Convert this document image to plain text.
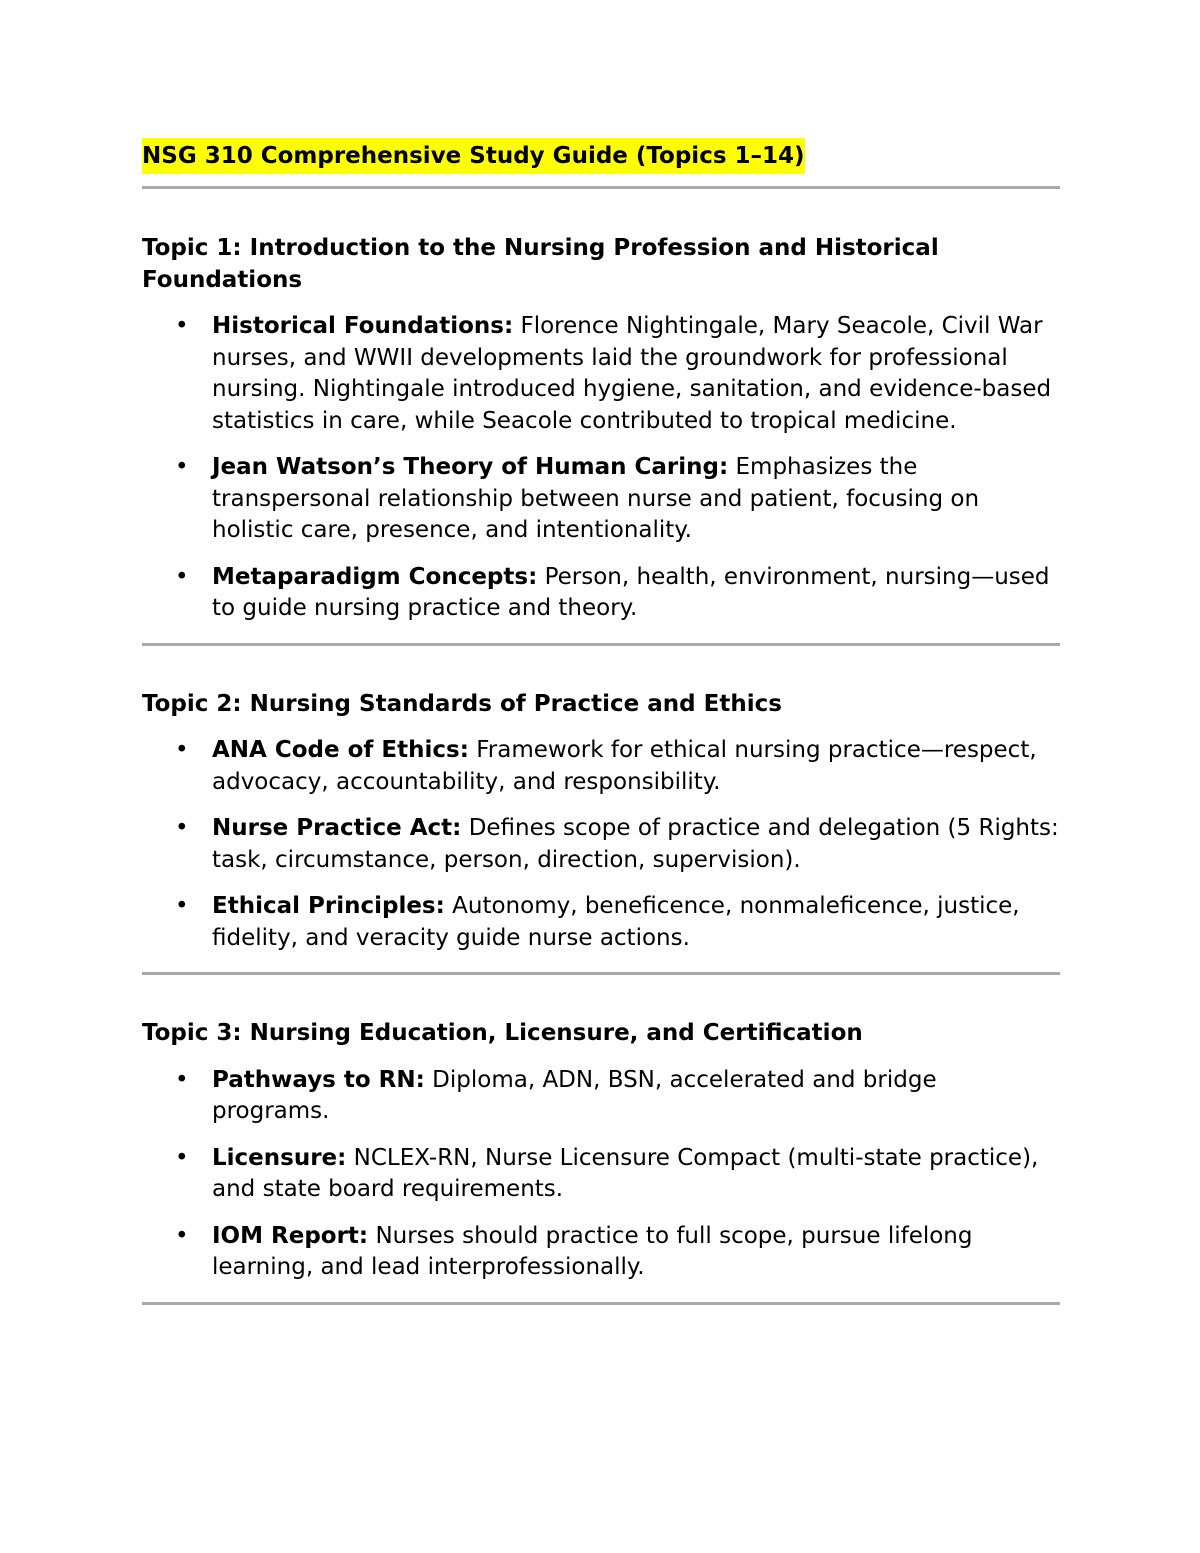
NSG 310 Comprehensive Study Guide (Topics 1–14)
Topic 1: Introduction to the Nursing Profession and Historical Foundations
• Historical Foundations: Florence Nightingale, Mary Seacole, Civil War nurses, and WWII developments laid the groundwork for professional nursing. Nightingale introduced hygiene, sanitation, and evidence-based statistics in care, while Seacole contributed to tropical medicine.
• Jean Watson’s Theory of Human Caring: Emphasizes the transpersonal relationship between nurse and patient, focusing on holistic care, presence, and intentionality.
• Metaparadigm Concepts: Person, health, environment, nursing—used to guide nursing practice and theory.
Topic 2: Nursing Standards of Practice and Ethics
• ANA Code of Ethics: Framework for ethical nursing practice—respect, advocacy, accountability, and responsibility.
• Nurse Practice Act: Defines scope of practice and delegation (5 Rights: task, circumstance, person, direction, supervision).
• Ethical Principles: Autonomy, beneficence, nonmaleficence, justice, fidelity, and veracity guide nurse actions.
Topic 3: Nursing Education, Licensure, and Certification
• Pathways to RN: Diploma, ADN, BSN, accelerated and bridge programs.
• Licensure: NCLEX-RN, Nurse Licensure Compact (multi-state practice), and state board requirements.
• IOM Report: Nurses should practice to full scope, pursue lifelong learning, and lead interprofessionally.
